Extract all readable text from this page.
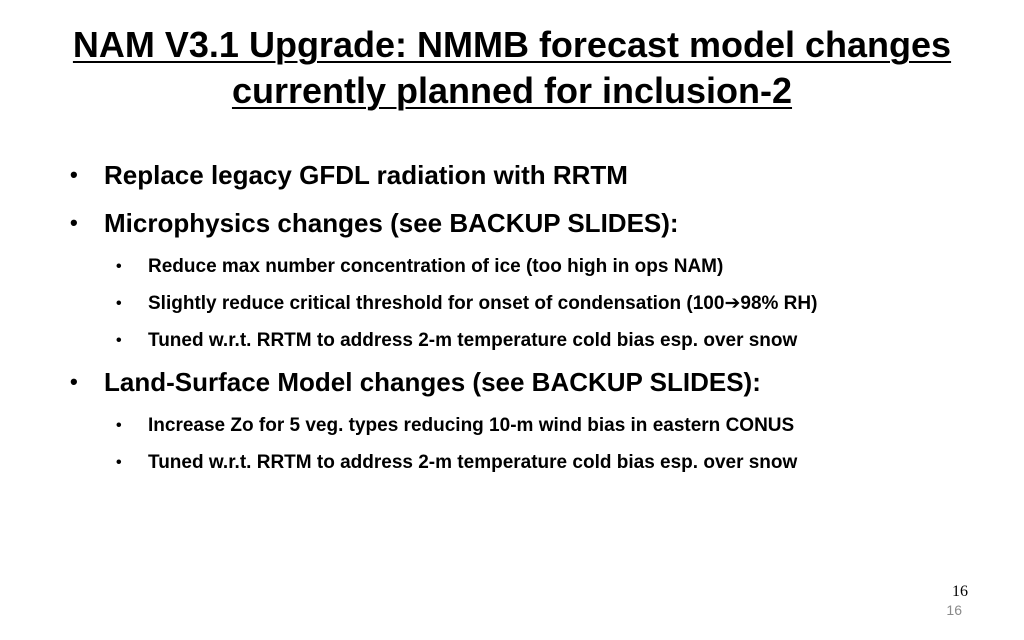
NAM V3.1 Upgrade: NMMB forecast model changes currently planned for inclusion-2
• Replace legacy GFDL radiation with RRTM
• Microphysics changes (see BACKUP SLIDES):
• Reduce max number concentration of ice (too high in ops NAM)
• Slightly reduce critical threshold for onset of condensation (100➔98% RH)
• Tuned w.r.t. RRTM to address 2-m temperature cold bias esp. over snow
• Land-Surface Model changes (see BACKUP SLIDES):
• Increase Zo for 5 veg. types reducing 10-m wind bias in eastern CONUS
• Tuned w.r.t. RRTM to address 2-m temperature cold bias esp. over snow
16
16
